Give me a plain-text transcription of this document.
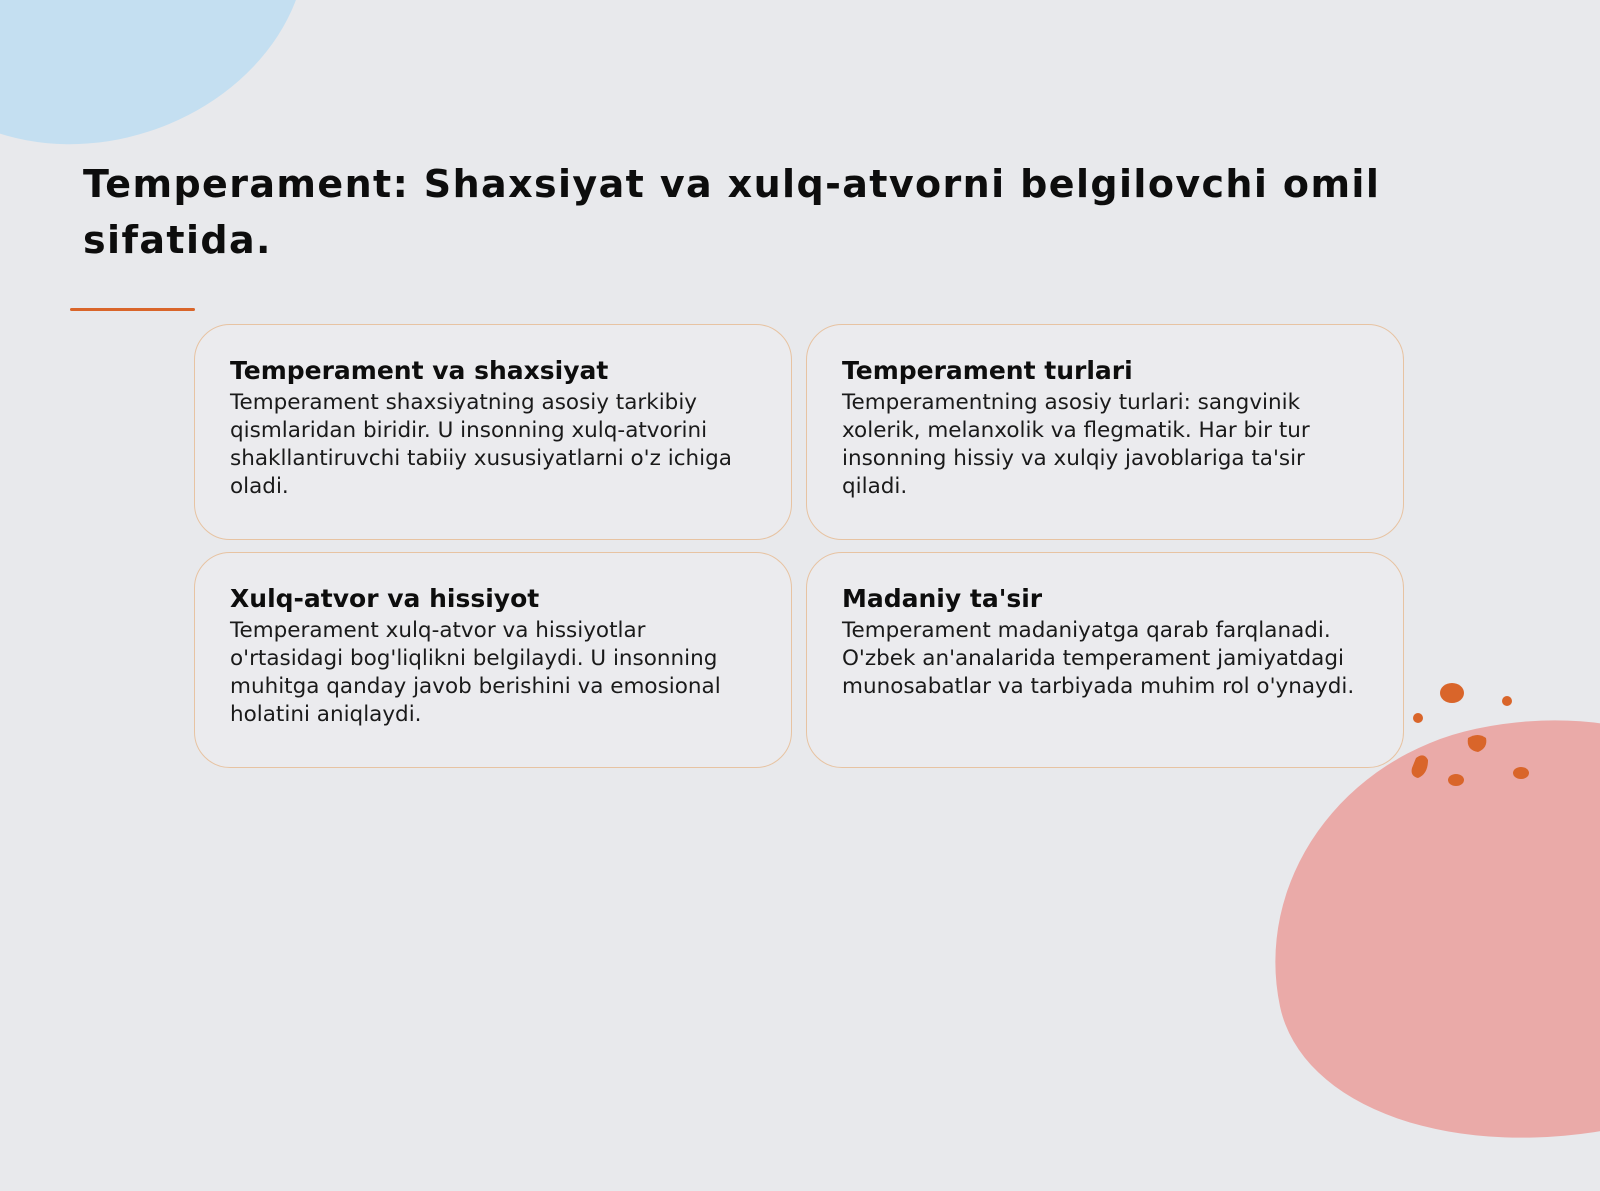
Temperament: Shaxsiyat va xulq-atvorni belgilovchi omil
sifatida.
Temperament va shaxsiyat

Temperament shaxsiyatning asosiy tarkibiy
qismlaridan biridir. U insonning xulq-atvorini
shakllantiruvchi tabiiy xususiyatlarni o'z ichiga
oladi.

Temperament turlari

Temperamentning asosiy turlari: sangvinik
xolerik, melanxolik va flegmatik. Har bir tur
insonning hissiy va xulqiy javoblariga ta'sir
qiladi.

Xulq-atvor va hissiyot

Temperament xulq-atvor va hissiyotlar
o'rtasidagi bog'liqlikni belgilaydi. U insonning
muhitga qanday javob berishini va emosional
holatini aniqlaydi.

Madaniy ta'sir

Temperament madaniyatga qarab farqlanadi.
O'zbek an'analarida temperament jamiyatdagi
munosabatlar va tarbiyada muhim rol o'ynaydi.
